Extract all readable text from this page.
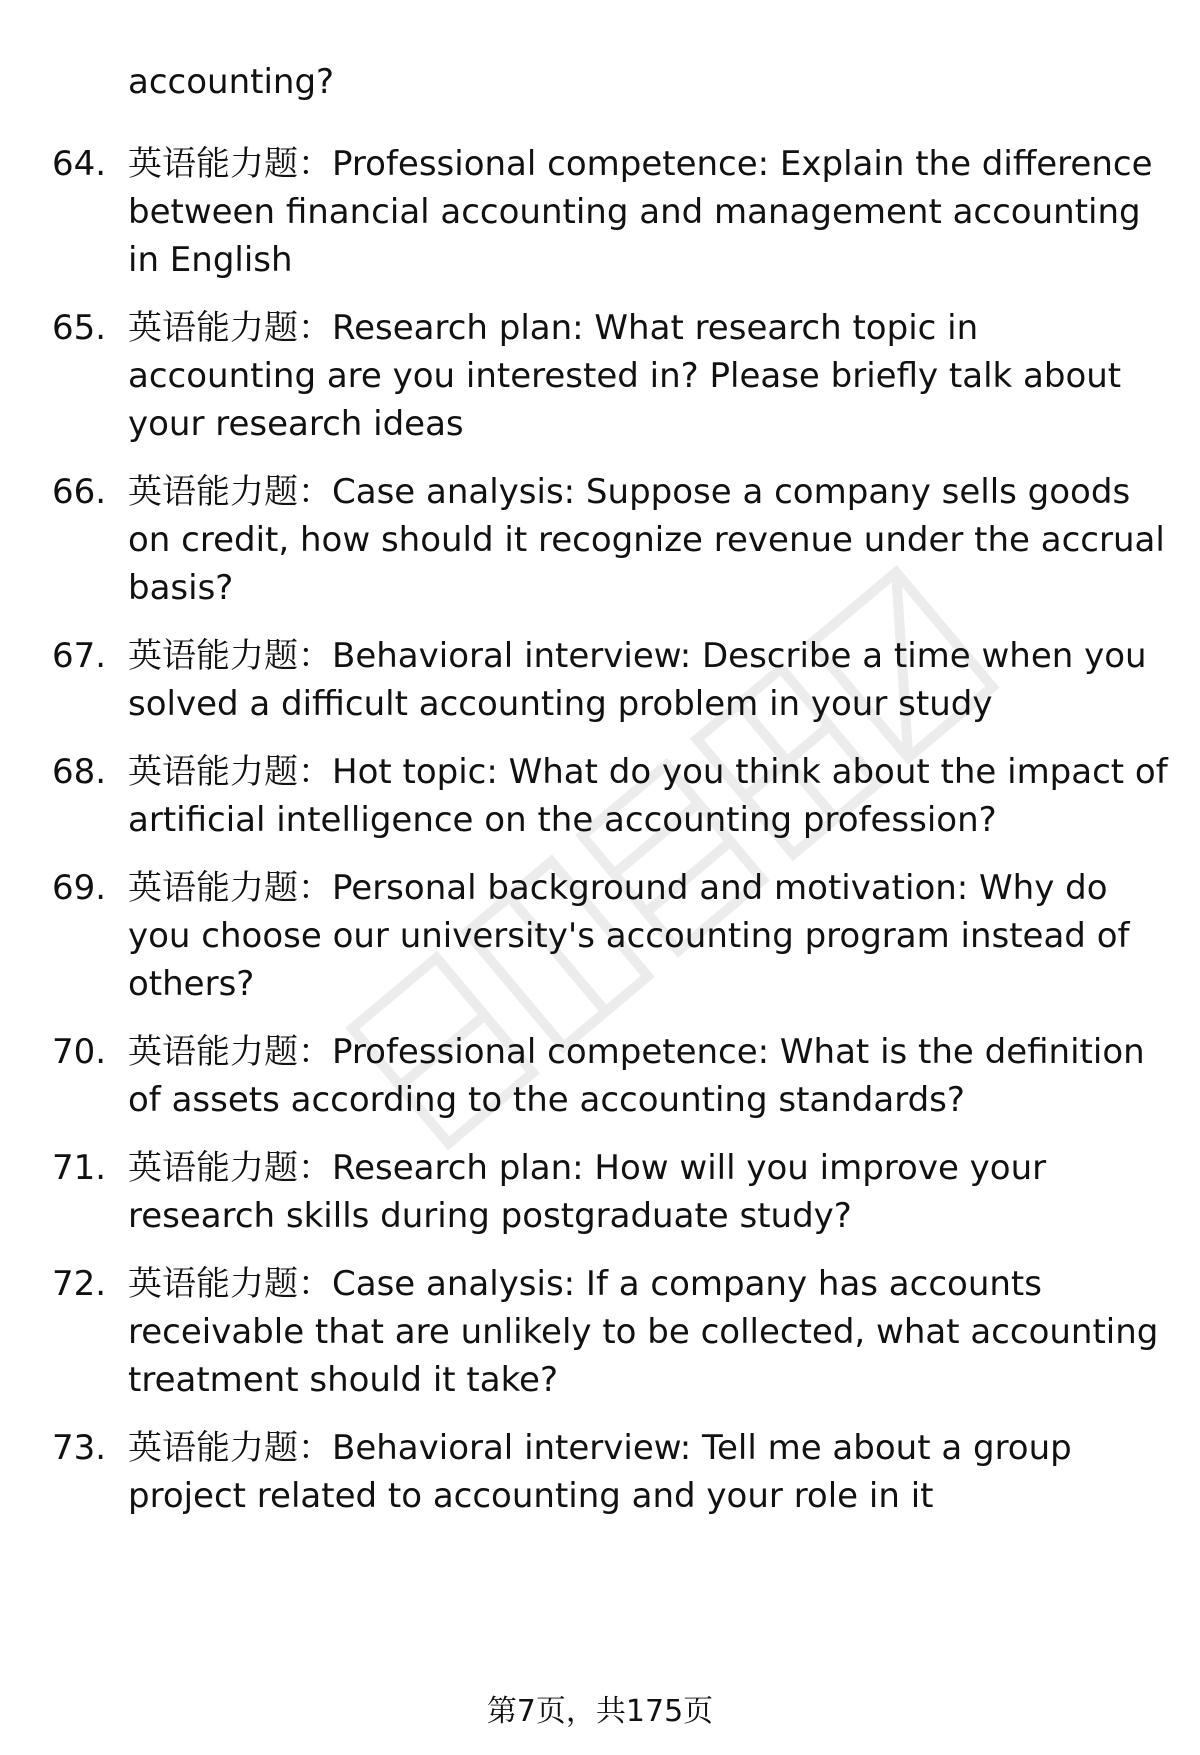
accounting?

64. 英语能力题：Professional competence: Explain the difference between financial accounting and management accounting in English
65. 英语能力题：Research plan: What research topic in accounting are you interested in? Please briefly talk about your research ideas
66. 英语能力题：Case analysis: Suppose a company sells goods on credit, how should it recognize revenue under the accrual basis?
67. 英语能力题：Behavioral interview: Describe a time when you solved a difficult accounting problem in your study
68. 英语能力题：Hot topic: What do you think about the impact of artificial intelligence on the accounting profession?
69. 英语能力题：Personal background and motivation: Why do you choose our university's accounting program instead of others?
70. 英语能力题：Professional competence: What is the definition of assets according to the accounting standards?
71. 英语能力题：Research plan: How will you improve your research skills during postgraduate study?
72. 英语能力题：Case analysis: If a company has accounts receivable that are unlikely to be collected, what accounting treatment should it take?
73. 英语能力题：Behavioral interview: Tell me about a group project related to accounting and your role in it
第7页，共175页
